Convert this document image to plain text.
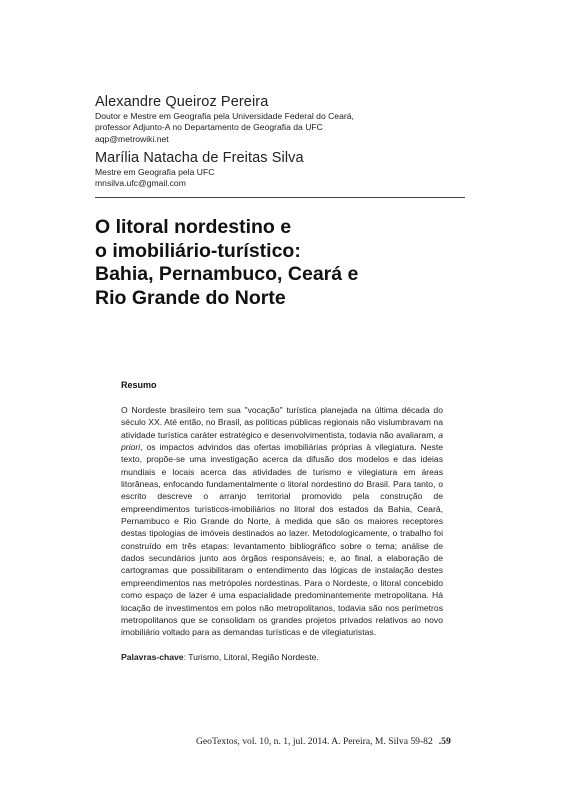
Alexandre Queiroz Pereira
Doutor e Mestre em Geografia pela Universidade Federal do Ceará,
professor Adjunto-A no Departamento de Geografia da UFC
aqp@metrowiki.net
Marília Natacha de Freitas Silva
Mestre em Geografia pela UFC
mnsilva.ufc@gmail.com
O litoral nordestino e
o imobiliário-turístico:
Bahia, Pernambuco, Ceará e
Rio Grande do Norte
Resumo
O Nordeste brasileiro tem sua "vocação" turística planejada na última década do século XX. Até então, no Brasil, as políticas públicas regionais não vislumbravam na atividade turística caráter estratégico e desenvolvimentista, todavia não avaliaram, a priori, os impactos advindos das ofertas imobiliárias próprias à vilegiatura. Neste texto, propõe-se uma investigação acerca da difusão dos modelos e das ideias mundiais e locais acerca das atividades de turismo e vilegiatura em áreas litorâneas, enfocando fundamentalmente o litoral nordestino do Brasil. Para tanto, o escrito descreve o arranjo territorial promovido pela construção de empreendimentos turísticos-imobiliários no litoral dos estados da Bahia, Ceará, Pernambuco e Rio Grande do Norte, à medida que são os maiores receptores destas tipologias de imóveis destinados ao lazer. Metodologicamente, o trabalho foi construído em três etapas: levantamento bibliográfico sobre o tema; análise de dados secundários junto aos órgãos responsáveis; e, ao final, a elaboração de cartogramas que possibilitaram o entendimento das lógicas de instalação destes empreendimentos nas metrópoles nordestinas. Para o Nordeste, o litoral concebido como espaço de lazer é uma espacialidade predominantemente metropolitana. Há locação de investimentos em polos não metropolitanos, todavia são nos perímetros metropolitanos que se consolidam os grandes projetos privados relativos ao novo imobiliário voltado para as demandas turísticas e de vilegiaturistas.
Palavras-chave: Turismo, Litoral, Região Nordeste.
GeoTextos, vol. 10, n. 1, jul. 2014. A. Pereira, M. Silva 59-82 .59
